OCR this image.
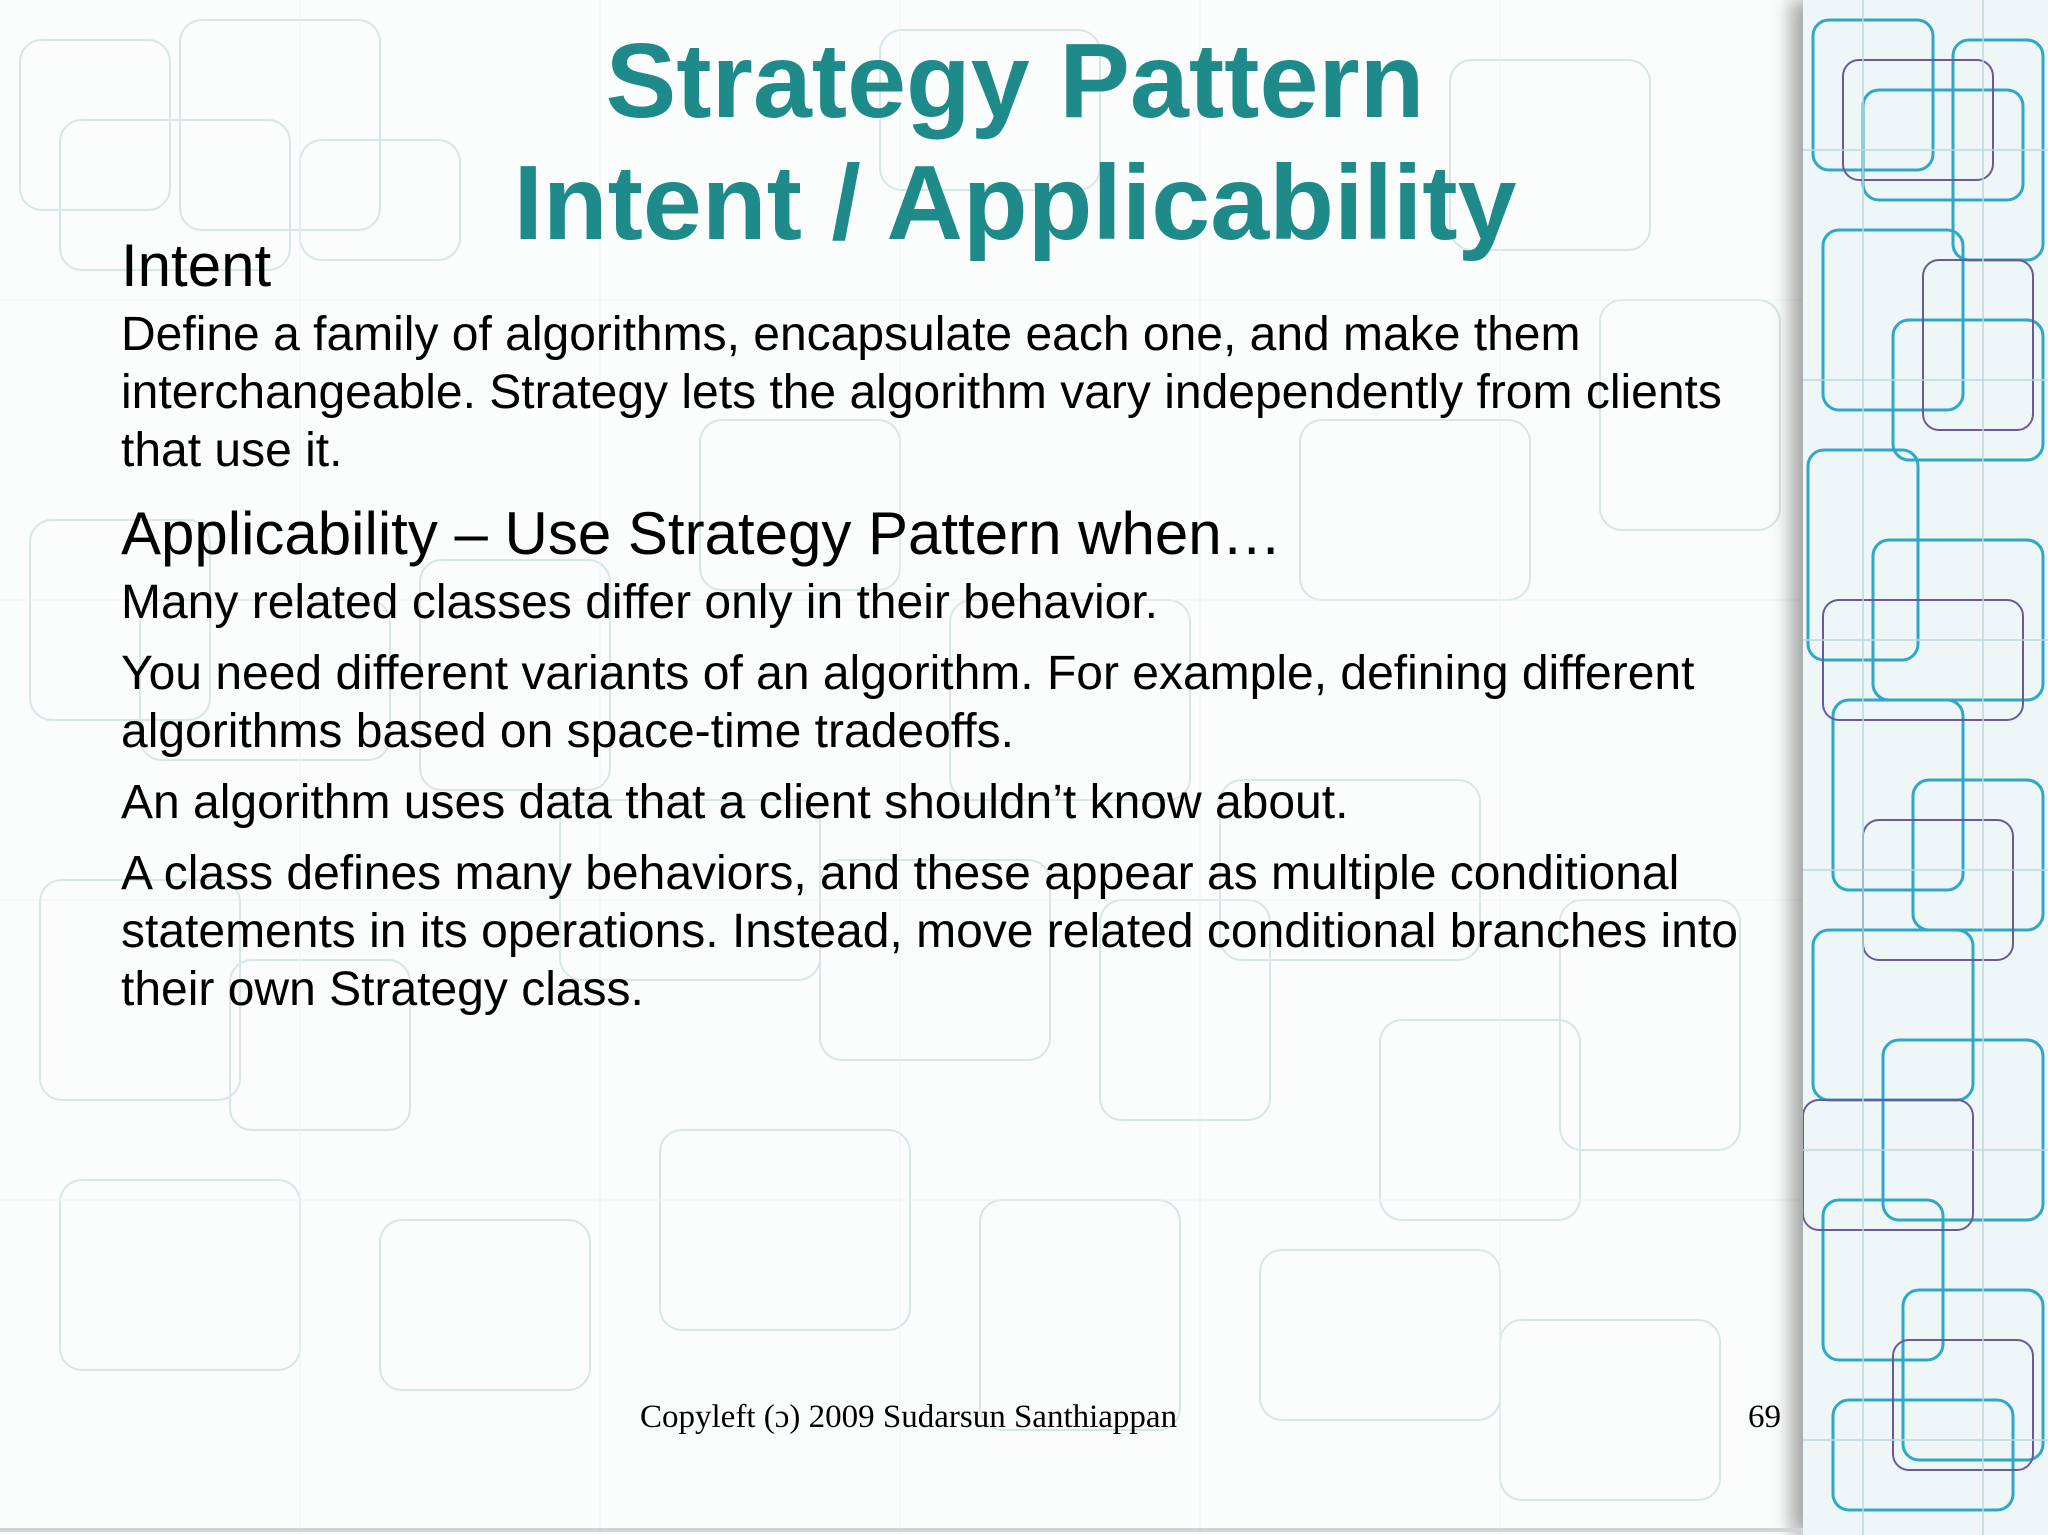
Strategy Pattern
Intent / Applicability

Intent

Define a family of algorithms, encapsulate each one, and make them
interchangeable. Strategy lets the algorithm vary independently from clients
that use it.

Applicability – Use Strategy Pattern when…

Many related classes differ only in their behavior.

You need different variants of an algorithm. For example, defining different
algorithms based on space-time tradeoffs.

An algorithm uses data that a client shouldn’t know about.

A class defines many behaviors, and these appear as multiple conditional
statements in its operations. Instead, move related conditional branches into
their own Strategy class.

Copyleft (ɔ) 2009 Sudarsun Santhiappan	69
